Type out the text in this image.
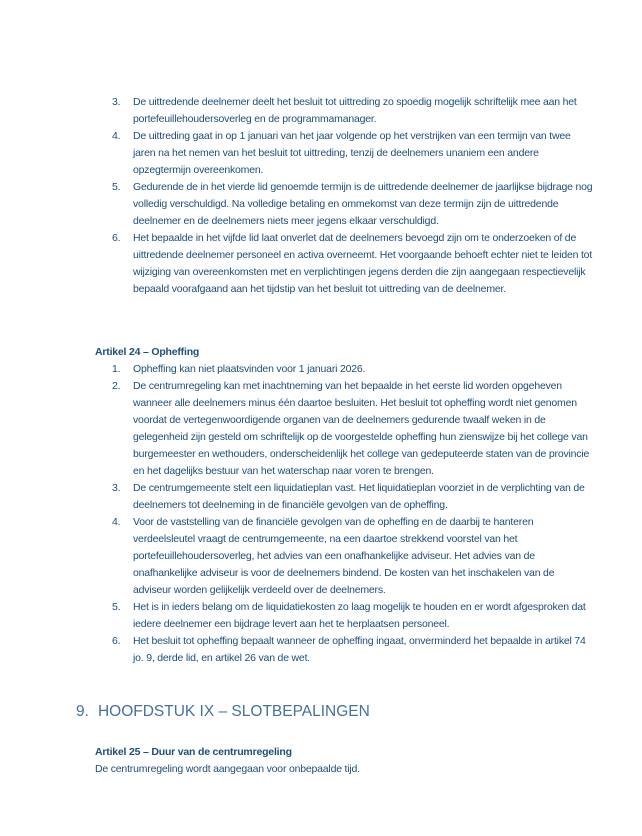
3.	De uittredende deelnemer deelt het besluit tot uittreding zo spoedig mogelijk schriftelijk mee aan het portefeuillehoudersoverleg en de programmamanager.
4.	De uittreding gaat in op 1 januari van het jaar volgende op het verstrijken van een termijn van twee jaren na het nemen van het besluit tot uittreding, tenzij de deelnemers unaniem een andere opzegtermijn overeenkomen.
5.	Gedurende de in het vierde lid genoemde termijn is de uittredende deelnemer de jaarlijkse bijdrage nog volledig verschuldigd. Na volledige betaling en ommekomst van deze termijn zijn de uittredende deelnemer en de deelnemers niets meer jegens elkaar verschuldigd.
6.	Het bepaalde in het vijfde lid laat onverlet dat de deelnemers bevoegd zijn om te onderzoeken of de uittredende deelnemer personeel en activa overneemt. Het voorgaande behoeft echter niet te leiden tot wijziging van overeenkomsten met en verplichtingen jegens derden die zijn aangegaan respectievelijk bepaald voorafgaand aan het tijdstip van het besluit tot uittreding van de deelnemer.
Artikel 24 – Opheffing
1.	Opheffing kan niet plaatsvinden voor 1 januari 2026.
2.	De centrumregeling kan met inachtneming van het bepaalde in het eerste lid worden opgeheven wanneer alle deelnemers minus één daartoe besluiten. Het besluit tot opheffing wordt niet genomen voordat de vertegenwoordigende organen van de deelnemers gedurende twaalf weken in de gelegenheid zijn gesteld om schriftelijk op de voorgestelde opheffing hun zienswijze bij het college van burgemeester en wethouders, onderscheidenlijk het college van gedeputeerde staten van de provincie en het dagelijks bestuur van het waterschap naar voren te brengen.
3.	De centrumgemeente stelt een liquidatieplan vast. Het liquidatieplan voorziet in de verplichting van de deelnemers tot deelneming in de financiële gevolgen van de opheffing.
4.	Voor de vaststelling van de financiële gevolgen van de opheffing en de daarbij te hanteren verdeelsleutel vraagt de centrumgemeente, na een daartoe strekkend voorstel van het portefeuillehoudersoverleg, het advies van een onafhankelijke adviseur. Het advies van de onafhankelijke adviseur is voor de deelnemers bindend. De kosten van het inschakelen van de adviseur worden gelijkelijk verdeeld over de deelnemers.
5.	Het is in ieders belang om de liquidatiekosten zo laag mogelijk te houden en er wordt afgesproken dat iedere deelnemer een bijdrage levert aan het te herplaatsen personeel.
6.	Het besluit tot opheffing bepaalt wanneer de opheffing ingaat, onverminderd het bepaalde in artikel 74 jo. 9, derde lid, en artikel 26 van de wet.
9. HOOFDSTUK IX – SLOTBEPALINGEN
Artikel 25 – Duur van de centrumregeling

De centrumregeling wordt aangegaan voor onbepaalde tijd.
